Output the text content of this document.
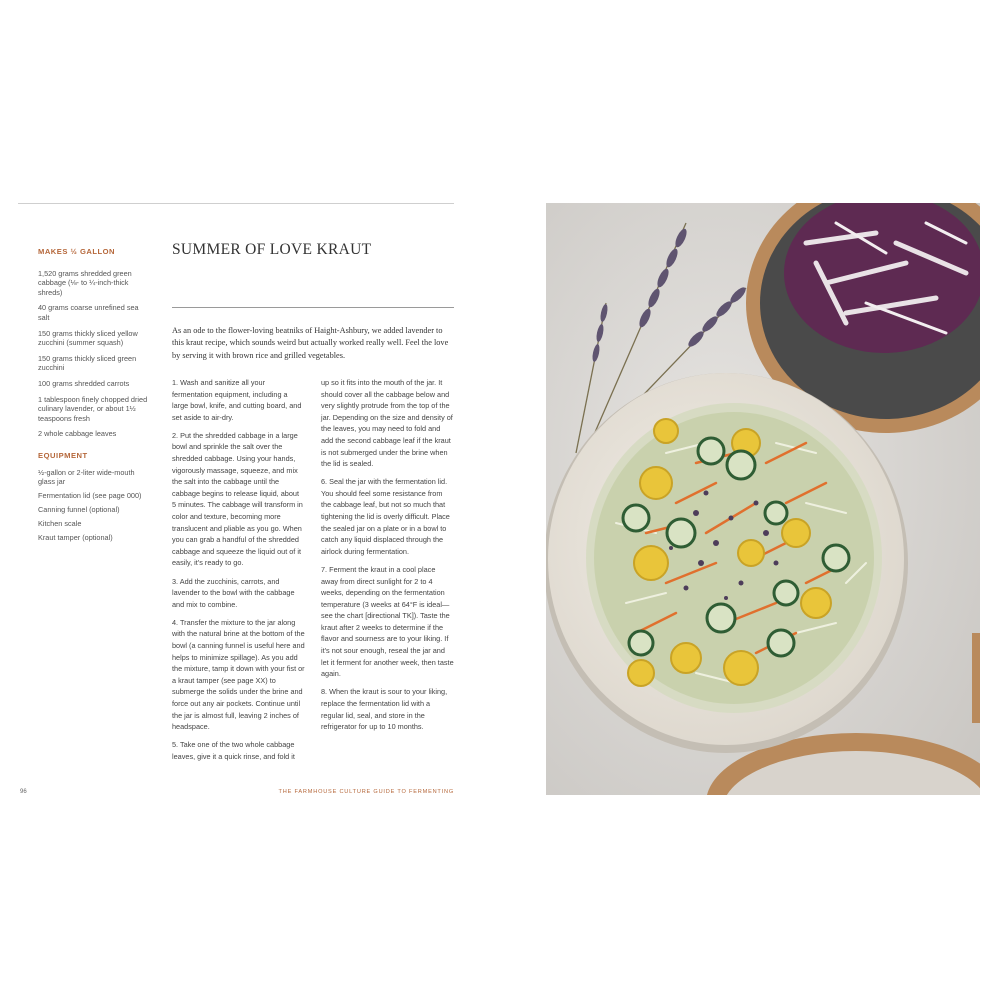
MAKES ½ GALLON
1,520 grams shredded green cabbage (⅛- to ¼-inch-thick shreds)
40 grams coarse unrefined sea salt
150 grams thickly sliced yellow zucchini (summer squash)
150 grams thickly sliced green zucchini
100 grams shredded carrots
1 tablespoon finely chopped dried culinary lavender, or about 1½ teaspoons fresh
2 whole cabbage leaves
EQUIPMENT
½-gallon or 2-liter wide-mouth glass jar
Fermentation lid (see page 000)
Canning funnel (optional)
Kitchen scale
Kraut tamper (optional)
SUMMER OF LOVE KRAUT
As an ode to the flower-loving beatniks of Haight-Ashbury, we added lavender to this kraut recipe, which sounds weird but actually worked really well. Feel the love by serving it with brown rice and grilled vegetables.
1. Wash and sanitize all your fermentation equipment, including a large bowl, knife, and cutting board, and set aside to air-dry.
2. Put the shredded cabbage in a large bowl and sprinkle the salt over the shredded cabbage. Using your hands, vigorously massage, squeeze, and mix the salt into the cabbage until the cabbage begins to release liquid, about 5 minutes. The cabbage will transform in color and texture, becoming more translucent and pliable as you go. When you can grab a handful of the shredded cabbage and squeeze the liquid out of it easily, it's ready to go.
3. Add the zucchinis, carrots, and lavender to the bowl with the cabbage and mix to combine.
4. Transfer the mixture to the jar along with the natural brine at the bottom of the bowl (a canning funnel is useful here and helps to minimize spillage). As you add the mixture, tamp it down with your fist or a kraut tamper (see page XX) to submerge the solids under the brine and force out any air pockets. Continue until the jar is almost full, leaving 2 inches of headspace.
5. Take one of the two whole cabbage leaves, give it a quick rinse, and fold it
up so it fits into the mouth of the jar. It should cover all the cabbage below and very slightly protrude from the top of the jar. Depending on the size and density of the leaves, you may need to fold and add the second cabbage leaf if the kraut is not submerged under the brine when the lid is sealed.
6. Seal the jar with the fermentation lid. You should feel some resistance from the cabbage leaf, but not so much that tightening the lid is overly difficult. Place the sealed jar on a plate or in a bowl to catch any liquid displaced through the airlock during fermentation.
7. Ferment the kraut in a cool place away from direct sunlight for 2 to 4 weeks, depending on the fermentation temperature (3 weeks at 64°F is ideal—see the chart [directional TK]). Taste the kraut after 2 weeks to determine if the flavor and sourness are to your liking. If it's not sour enough, reseal the jar and let it ferment for another week, then taste again.
8. When the kraut is sour to your liking, replace the fermentation lid with a regular lid, seal, and store in the refrigerator for up to 10 months.
96	THE FARMHOUSE CULTURE GUIDE TO FERMENTING
